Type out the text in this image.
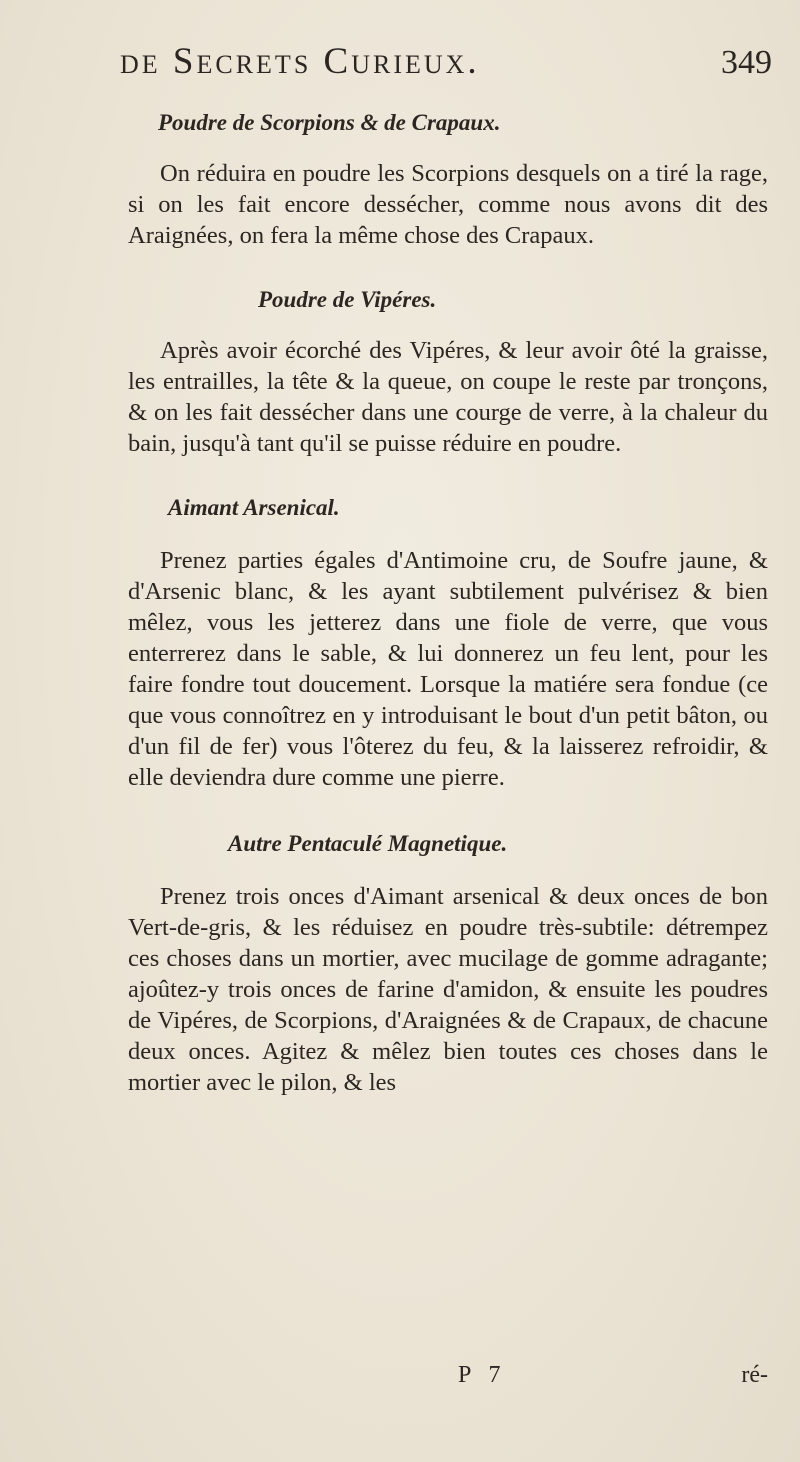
de Secrets Curieux.	349
Poudre de Scorpions & de Crapaux.

On réduira en poudre les Scorpions desquels on a tiré la rage, si on les fait encore dessécher, comme nous avons dit des Araignées, on fera la même chose des Crapaux.

Poudre de Vipéres.

Après avoir écorché des Vipéres, & leur avoir ôté la graisse, les entrailles, la tête & la queue, on coupe le reste par tronçons, & on les fait dessécher dans une courge de verre, à la chaleur du bain, jusqu'à tant qu'il se puisse réduire en poudre.

Aimant Arsenical.

Prenez parties égales d'Antimoine cru, de Soufre jaune, & d'Arsenic blanc, & les ayant subtilement pulvérisez & bien mêlez, vous les jetterez dans une fiole de verre, que vous enterrerez dans le sable, & lui donnerez un feu lent, pour les faire fondre tout doucement. Lorsque la matiére sera fondue (ce que vous connoîtrez en y introduisant le bout d'un petit bâton, ou d'un fil de fer) vous l'ôterez du feu, & la laisserez refroidir, & elle deviendra dure comme une pierre.

Autre Pentaculé Magnetique.

Prenez trois onces d'Aimant arsenical & deux onces de bon Vert-de-gris, & les réduisez en poudre très-subtile: détrempez ces choses dans un mortier, avec mucilage de gomme adragante; ajoûtez-y trois onces de farine d'amidon, & ensuite les poudres de Vipéres, de Scorpions, d'Araignées & de Crapaux, de chacune deux onces. Agitez & mêlez bien toutes ces choses dans le mortier avec le pilon, & les

P 7	ré-
